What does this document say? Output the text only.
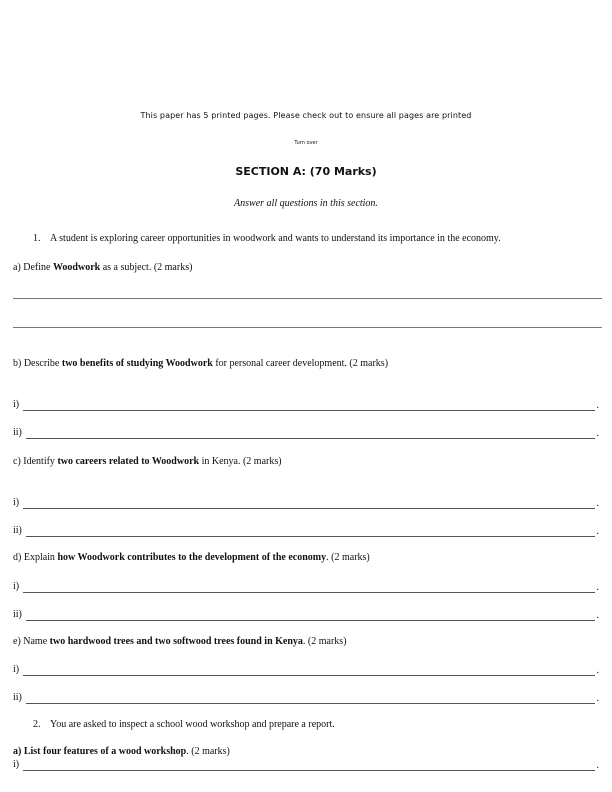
This paper has 5 printed pages. Please check out to ensure all pages are printed
Turn over
SECTION A: (70 Marks)
Answer all questions in this section.
1. A student is exploring career opportunities in woodwork and wants to understand its importance in the economy.
a) Define Woodwork as a subject. (2 marks)
b) Describe two benefits of studying Woodwork for personal career development. (2 marks)
i)	.
ii)	.
c) Identify two careers related to Woodwork in Kenya. (2 marks)
i)	.
ii)	.
d) Explain how Woodwork contributes to the development of the economy. (2 marks)
i)	.
ii)	.
e) Name two hardwood trees and two softwood trees found in Kenya. (2 marks)
i)	.
ii)	.
2. You are asked to inspect a school wood workshop and prepare a report.
a) List four features of a wood workshop. (2 marks)
i)	.
